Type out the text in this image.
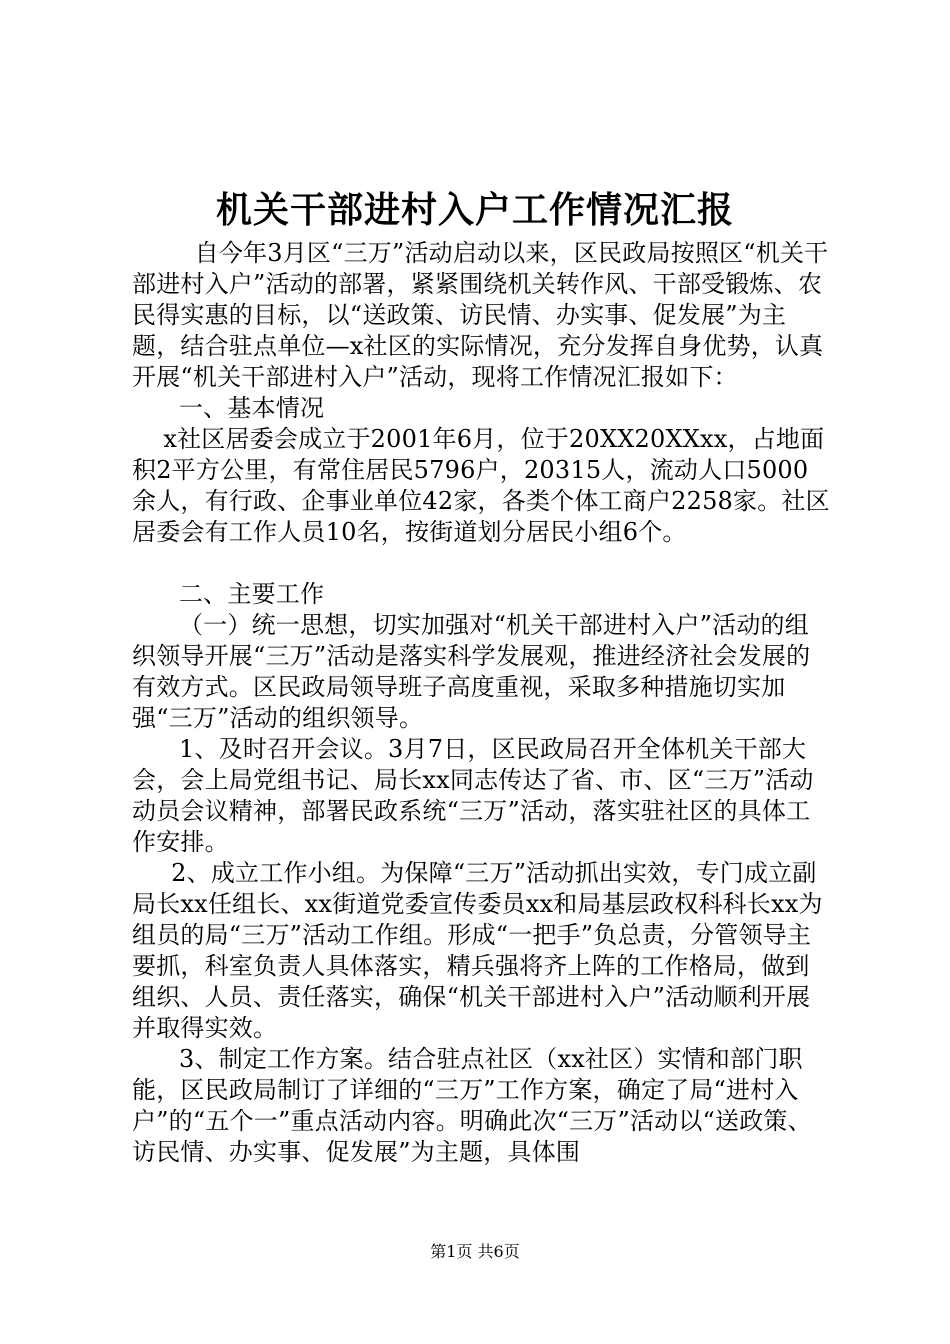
机关干部进村入户工作情况汇报

自今年3月区“三万”活动启动以来，区民政局按照区“机关干部进村入户”活动的部署，紧紧围绕机关转作风、干部受锻炼、农民得实惠的目标，以“送政策、访民情、办实事、促发展”为主题，结合驻点单位—x社区的实际情况，充分发挥自身优势，认真开展“机关干部进村入户”活动，现将工作情况汇报如下：

一、基本情况

x社区居委会成立于2001年6月，位于20XX20XXxx，占地面积2平方公里，有常住居民5796户，20315人，流动人口5000余人，有行政、企事业单位42家，各类个体工商户2258家。社区居委会有工作人员10名，按街道划分居民小组6个。

二、主要工作

（一）统一思想，切实加强对“机关干部进村入户”活动的组织领导开展“三万”活动是落实科学发展观，推进经济社会发展的有效方式。区民政局领导班子高度重视，采取多种措施切实加强“三万”活动的组织领导。

1、及时召开会议。3月7日，区民政局召开全体机关干部大会，会上局党组书记、局长xx同志传达了省、市、区“三万”活动动员会议精神，部署民政系统“三万”活动，落实驻社区的具体工作安排。

2、成立工作小组。为保障“三万”活动抓出实效，专门成立副局长xx任组长、xx街道党委宣传委员xx和局基层政权科科长xx为组员的局“三万”活动工作组。形成“一把手”负总责，分管领导主要抓，科室负责人具体落实，精兵强将齐上阵的工作格局，做到组织、人员、责任落实，确保“机关干部进村入户”活动顺利开展并取得实效。

3、制定工作方案。结合驻点社区（xx社区）实情和部门职能，区民政局制订了详细的“三万”工作方案，确定了局“进村入户”的“五个一”重点活动内容。明确此次“三万”活动以“送政策、访民情、办实事、促发展”为主题，具体围

第1页 共6页
